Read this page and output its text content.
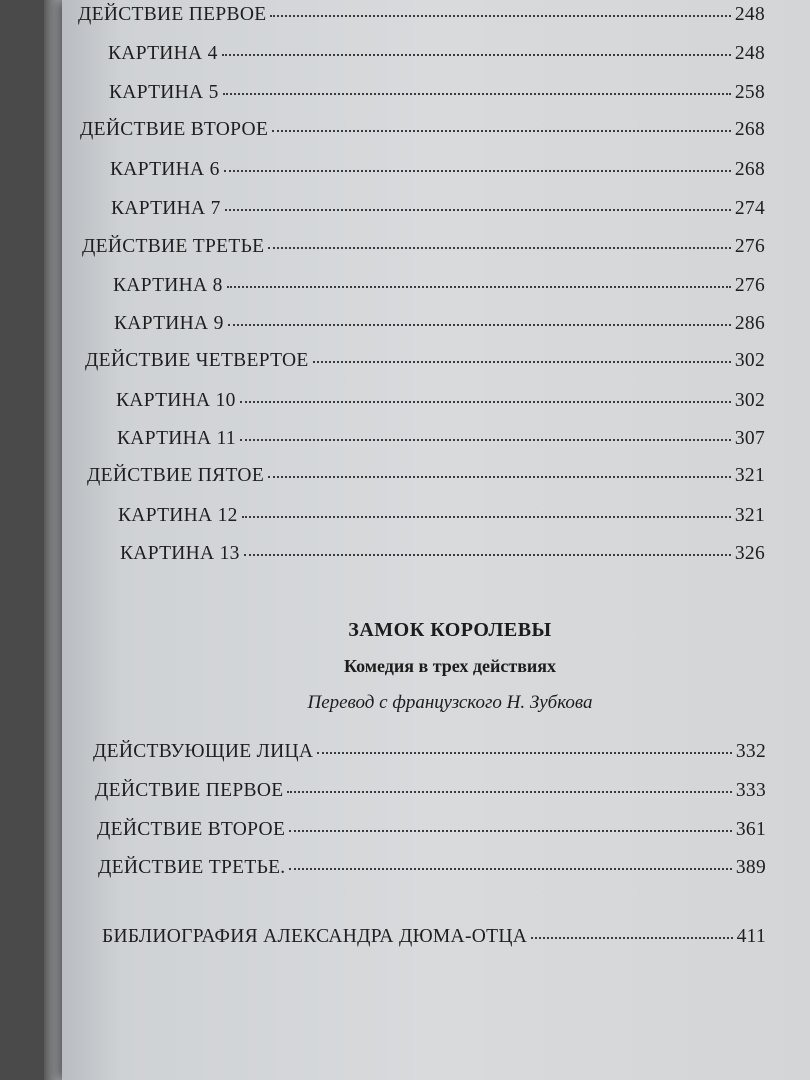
ДЕЙСТВИЕ ПЕРВОЕ	248
КАРТИНА 4	248
КАРТИНА 5	258
ДЕЙСТВИЕ ВТОРОЕ	268
КАРТИНА 6	268
КАРТИНА 7	274
ДЕЙСТВИЕ ТРЕТЬЕ	276
КАРТИНА 8	276
КАРТИНА 9	286
ДЕЙСТВИЕ ЧЕТВЕРТОЕ	302
КАРТИНА 10	302
КАРТИНА 11	307
ДЕЙСТВИЕ ПЯТОЕ	321
КАРТИНА 12	321
КАРТИНА 13	326
ЗАМОК КОРОЛЕВЫ
Комедия в трех действиях
Перевод с французского Н. Зубкова
ДЕЙСТВУЮЩИЕ ЛИЦА	332
ДЕЙСТВИЕ ПЕРВОЕ	333
ДЕЙСТВИЕ ВТОРОЕ	361
ДЕЙСТВИЕ ТРЕТЬЕ.	389
БИБЛИОГРАФИЯ АЛЕКСАНДРА ДЮМА-ОТЦА	411
